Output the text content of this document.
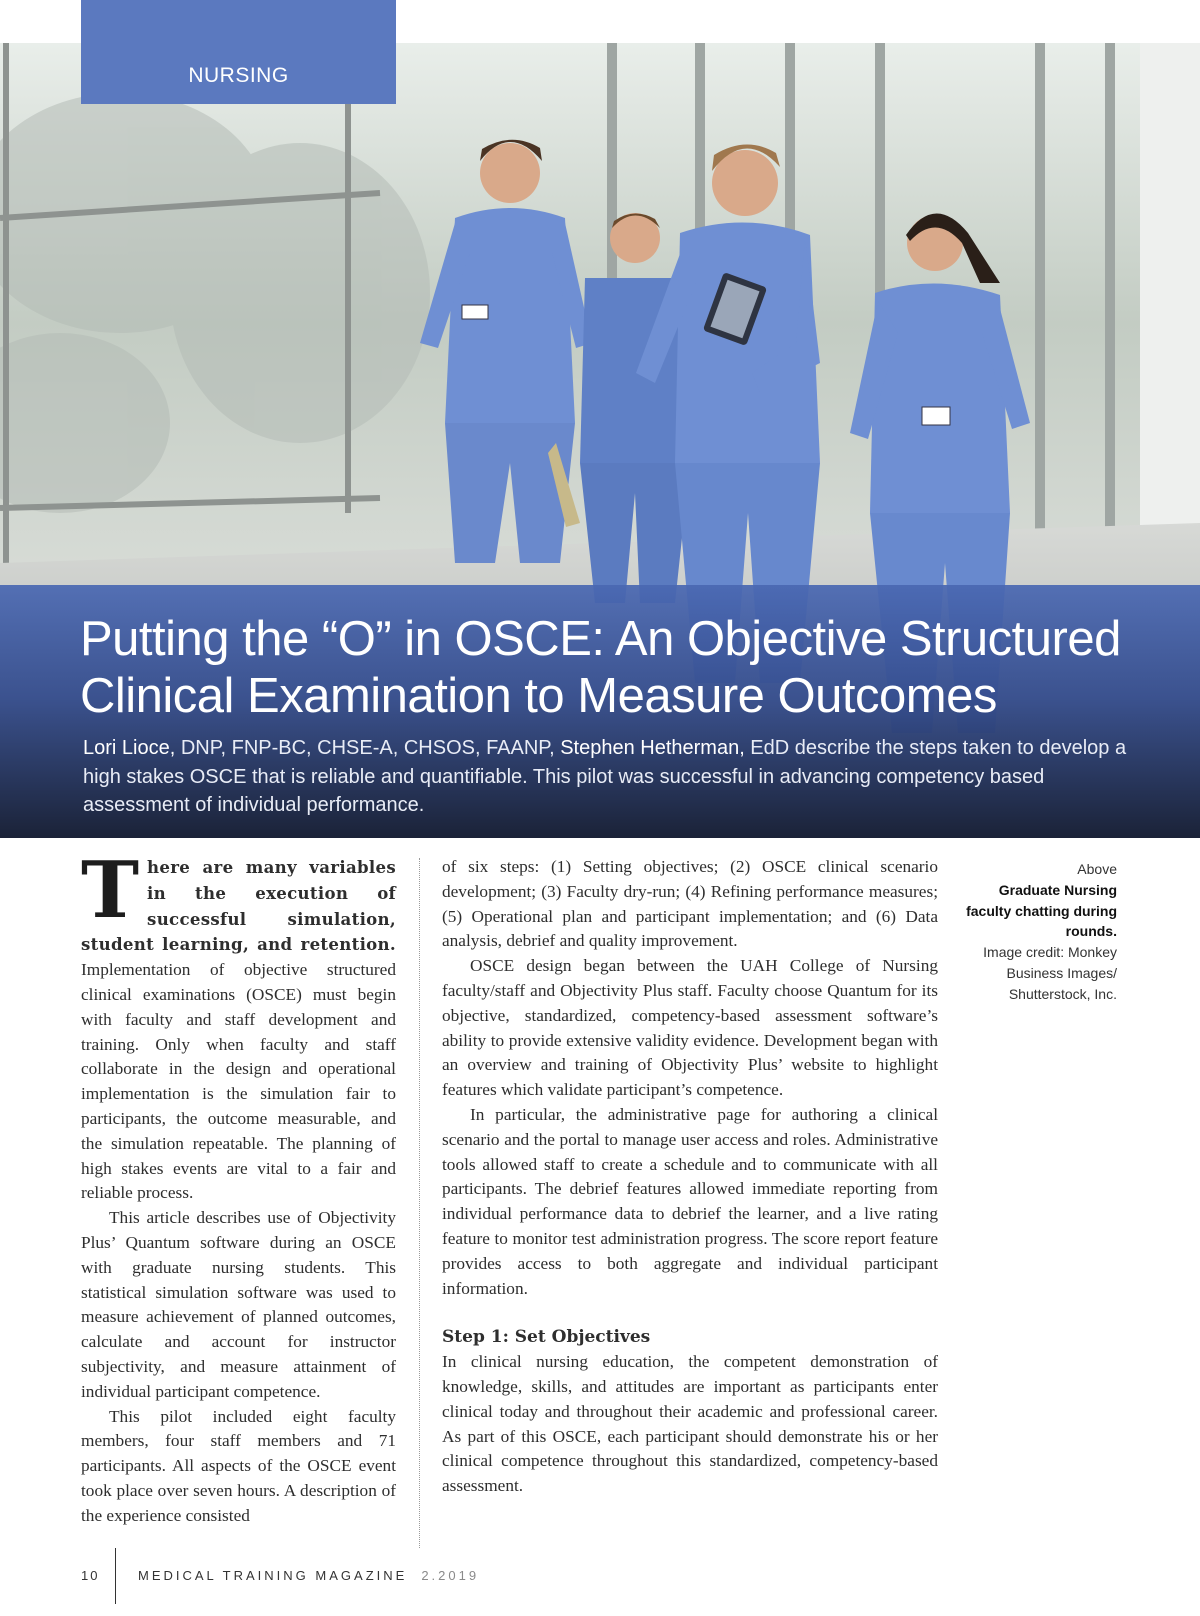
NURSING
Putting the “O” in OSCE: An Objective Structured
Clinical Examination to Measure Outcomes

Lori Lioce, DNP, FNP-BC, CHSE-A, CHSOS, FAANP, Stephen Hetherman, EdD describe the steps taken to develop a high stakes OSCE that is reliable and quantifiable. This pilot was successful in advancing competency based assessment of individual performance.

There are many variables in the execution of successful simulation, student learning, and retention. Implementation of objective structured clinical examinations (OSCE) must begin with faculty and staff development and training. Only when faculty and staff collaborate in the design and operational implementation is the simulation fair to participants, the outcome measurable, and the simulation repeatable. The planning of high stakes events are vital to a fair and reliable process.

This article describes use of Objectivity Plus’ Quantum software during an OSCE with graduate nursing students. This statistical simulation software was used to measure achievement of planned outcomes, calculate and account for instructor subjectivity, and measure attainment of individual participant competence.

This pilot included eight faculty members, four staff members and 71 participants. All aspects of the OSCE event took place over seven hours. A description of the experience consisted

of six steps: (1) Setting objectives; (2) OSCE clinical scenario development; (3) Faculty dry-run; (4) Refining performance measures; (5) Operational plan and participant implementation; and (6) Data analysis, debrief and quality improvement.

OSCE design began between the UAH College of Nursing faculty/staff and Objectivity Plus staff. Faculty choose Quantum for its objective, standardized, competency-based assessment software’s ability to provide extensive validity evidence. Development began with an overview and training of Objectivity Plus’ website to highlight features which validate participant’s competence.

In particular, the administrative page for authoring a clinical scenario and the portal to manage user access and roles. Administrative tools allowed staff to create a schedule and to communicate with all participants. The debrief features allowed immediate reporting from individual performance data to debrief the learner, and a live rating feature to monitor test administration progress. The score report feature provides access to both aggregate and individual participant information.

Step 1: Set Objectives

In clinical nursing education, the competent demonstration of knowledge, skills, and attitudes are important as participants enter clinical today and throughout their academic and professional career. As part of this OSCE, each participant should demonstrate his or her clinical competence throughout this standardized, competency-based assessment.

Above
Graduate Nursing faculty chatting during rounds.
Image credit: Monkey Business Images/ Shutterstock, Inc.
10	MEDICAL TRAINING MAGAZINE 2.2019
